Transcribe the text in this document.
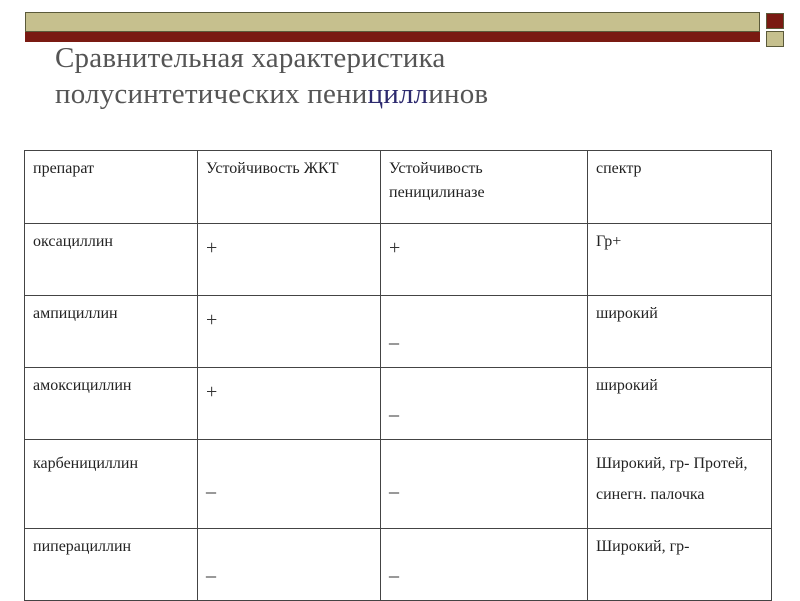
Сравнительная характеристика
полусинтетических пенициллинов
препарат	Устойчивость ЖКТ	Устойчивость пеницилиназе	спектр
оксациллин	+	+	Гр+
ампициллин	+	_	широкий
амоксициллин	+	_	широкий
карбенициллин	_	_	Широкий, гр- Протей, синегн. палочка
пиперациллин	_	_	Широкий, гр-
